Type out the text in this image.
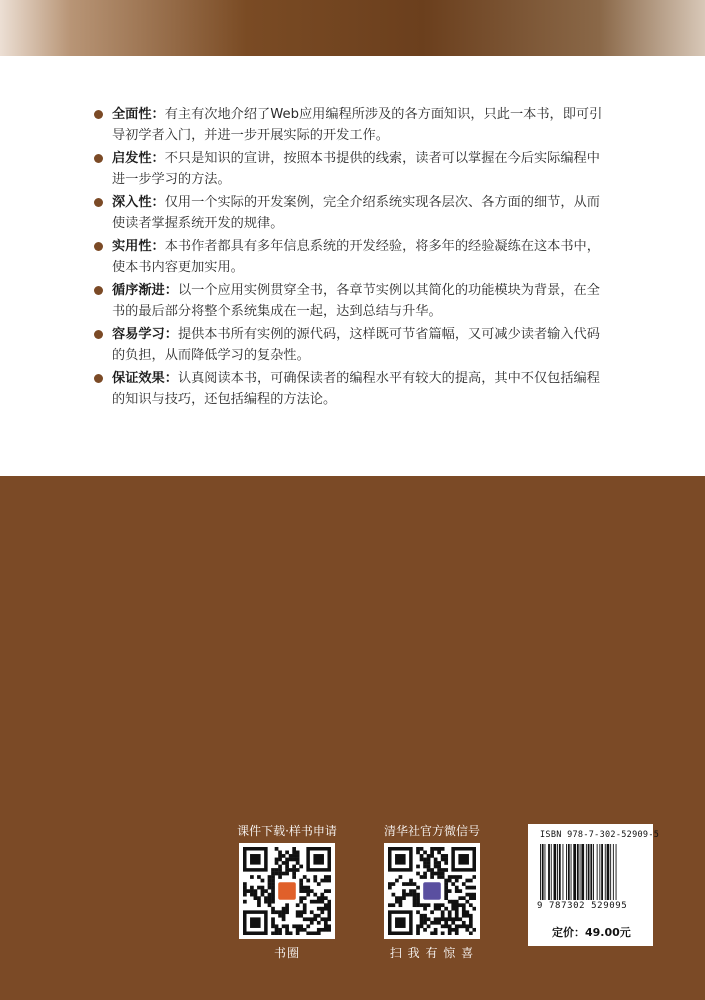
全面性：有主有次地介绍了Web应用编程所涉及的各方面知识，只此一本书，即可引导初学者入门，并进一步开展实际的开发工作。
启发性：不只是知识的宣讲，按照本书提供的线索，读者可以掌握在今后实际编程中进一步学习的方法。
深入性：仅用一个实际的开发案例，完全介绍系统实现各层次、各方面的细节，从而使读者掌握系统开发的规律。
实用性：本书作者都具有多年信息系统的开发经验，将多年的经验凝练在这本书中，使本书内容更加实用。
循序渐进：以一个应用实例贯穿全书，各章节实例以其简化的功能模块为背景，在全书的最后部分将整个系统集成在一起，达到总结与升华。
容易学习：提供本书所有实例的源代码，这样既可节省篇幅，又可减少读者输入代码的负担，从而降低学习的复杂性。
保证效果：认真阅读本书，可确保读者的编程水平有较大的提高，其中不仅包括编程的知识与技巧，还包括编程的方法论。
课件下载·样书申请
书圈
清华社官方微信号
扫 我 有 惊 喜
ISBN 978-7-302-52909-5
9 787302 529095
定价：49.00元
